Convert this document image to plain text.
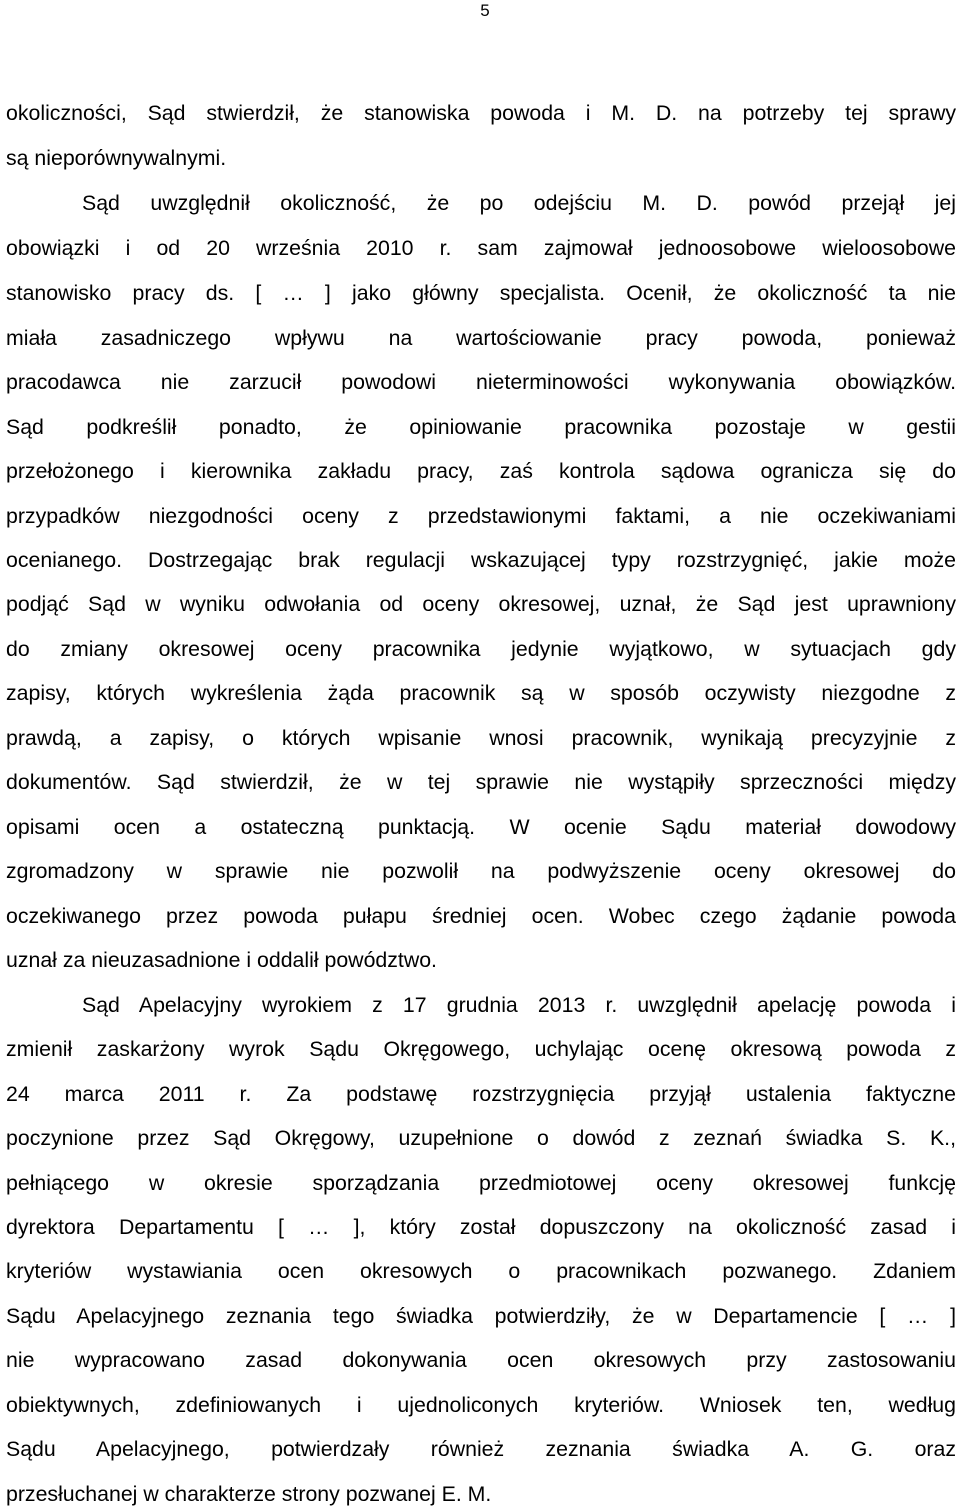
5
okoliczności, Sąd stwierdził, że stanowiska powoda i M. D. na potrzeby tej sprawy
są nieporównywalnymi.
Sąd uwzględnił okoliczność, że po odejściu M. D. powód przejął jej
obowiązki i od 20 września 2010 r. sam zajmował jednoosobowe wieloosobowe
stanowisko pracy ds. [ … ] jako główny specjalista. Ocenił, że okoliczność ta nie
miała zasadniczego wpływu na wartościowanie pracy powoda, ponieważ
pracodawca nie zarzucił powodowi nieterminowości wykonywania obowiązków.
Sąd podkreślił ponadto, że opiniowanie pracownika pozostaje w gestii
przełożonego i kierownika zakładu pracy, zaś kontrola sądowa ogranicza się do
przypadków niezgodności oceny z przedstawionymi faktami, a nie oczekiwaniami
ocenianego. Dostrzegając brak regulacji wskazującej typy rozstrzygnięć, jakie może
podjąć Sąd w wyniku odwołania od oceny okresowej, uznał, że Sąd jest uprawniony
do zmiany okresowej oceny pracownika jedynie wyjątkowo, w sytuacjach gdy
zapisy, których wykreślenia żąda pracownik są w sposób oczywisty niezgodne z
prawdą, a zapisy, o których wpisanie wnosi pracownik, wynikają precyzyjnie z
dokumentów. Sąd stwierdził, że w tej sprawie nie wystąpiły sprzeczności między
opisami ocen a ostateczną punktacją. W ocenie Sądu materiał dowodowy
zgromadzony w sprawie nie pozwolił na podwyższenie oceny okresowej do
oczekiwanego przez powoda pułapu średniej ocen. Wobec czego żądanie powoda
uznał za nieuzasadnione i oddalił powództwo.
Sąd Apelacyjny wyrokiem z 17 grudnia 2013 r. uwzględnił apelację powoda i
zmienił zaskarżony wyrok Sądu Okręgowego, uchylając ocenę okresową powoda z
24 marca 2011 r. Za podstawę rozstrzygnięcia przyjął ustalenia faktyczne
poczynione przez Sąd Okręgowy, uzupełnione o dowód z zeznań świadka S. K.,
pełniącego w okresie sporządzania przedmiotowej oceny okresowej funkcję
dyrektora Departamentu [ … ], który został dopuszczony na okoliczność zasad i
kryteriów wystawiania ocen okresowych o pracownikach pozwanego. Zdaniem
Sądu Apelacyjnego zeznania tego świadka potwierdziły, że w Departamencie [ … ]
nie wypracowano zasad dokonywania ocen okresowych przy zastosowaniu
obiektywnych, zdefiniowanych i ujednoliconych kryteriów. Wniosek ten, według
Sądu Apelacyjnego, potwierdzały również zeznania świadka A. G. oraz
przesłuchanej w charakterze strony pozwanej E. M.
